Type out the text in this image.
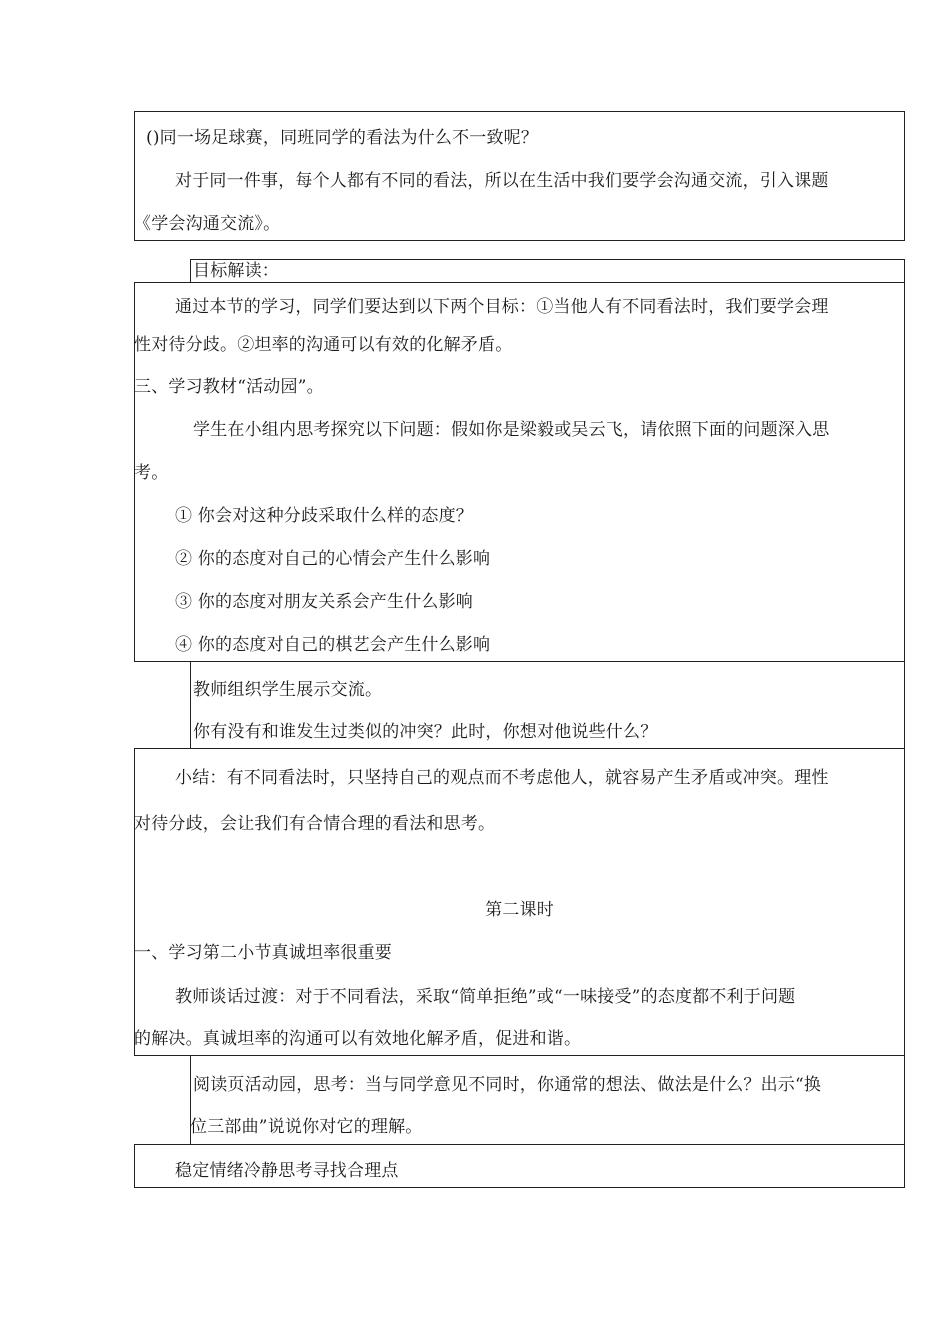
()同一场足球赛，同班同学的看法为什么不一致呢？
对于同一件事，每个人都有不同的看法，所以在生活中我们要学会沟通交流，引入课题
《学会沟通交流》。
目标解读：
通过本节的学习，同学们要达到以下两个目标：①当他人有不同看法时，我们要学会理
性对待分歧。②坦率的沟通可以有效的化解矛盾。
三、学习教材“活动园”。
学生在小组内思考探究以下问题：假如你是梁毅或吴云飞，请依照下面的问题深入思
考。
① 你会对这种分歧采取什么样的态度？
② 你的态度对自己的心情会产生什么影响
③ 你的态度对朋友关系会产生什么影响
④ 你的态度对自己的棋艺会产生什么影响
教师组织学生展示交流。
你有没有和谁发生过类似的冲突？此时，你想对他说些什么？
小结：有不同看法时，只坚持自己的观点而不考虑他人，就容易产生矛盾或冲突。理性
对待分歧，会让我们有合情合理的看法和思考。
第二课时
一、学习第二小节真诚坦率很重要
教师谈话过渡：对于不同看法，采取“简单拒绝”或“一味接受”的态度都不利于问题
的解决。真诚坦率的沟通可以有效地化解矛盾，促进和谐。
阅读页活动园，思考：当与同学意见不同时，你通常的想法、做法是什么？出示“换
位三部曲”说说你对它的理解。
稳定情绪冷静思考寻找合理点
